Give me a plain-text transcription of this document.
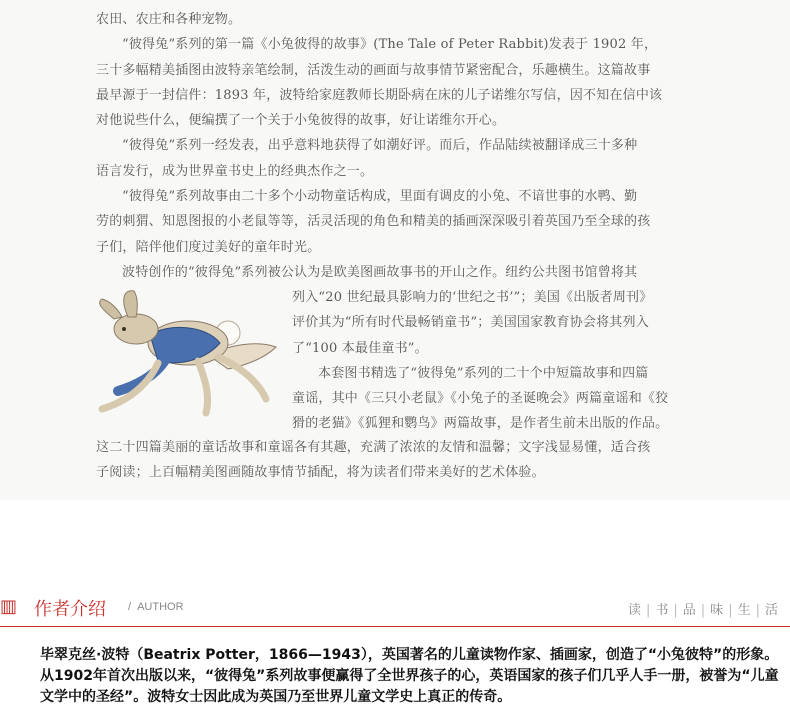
农田、农庄和各种宠物。

“彼得兔”系列的第一篇《小兔彼得的故事》(The Tale of Peter Rabbit)发表于 1902 年，

三十多幅精美插图由波特亲笔绘制，活泼生动的画面与故事情节紧密配合，乐趣横生。这篇故事

最早源于一封信件：1893 年，波特给家庭教师长期卧病在床的儿子诺维尔写信，因不知在信中该

对他说些什么，便编撰了一个关于小兔彼得的故事，好让诺维尔开心。

“彼得兔”系列一经发表，出乎意料地获得了如潮好评。而后，作品陆续被翻译成三十多种

语言发行，成为世界童书史上的经典杰作之一。

“彼得兔”系列故事由二十多个小动物童话构成，里面有调皮的小兔、不谙世事的水鸭、勤

劳的刺猬、知恩图报的小老鼠等等，活灵活现的角色和精美的插画深深吸引着英国乃至全球的孩

子们，陪伴他们度过美好的童年时光。

波特创作的“彼得兔”系列被公认为是欧美图画故事书的开山之作。纽约公共图书馆曾将其

列入“20 世纪最具影响力的‘世纪之书’”；美国《出版者周刊》

评价其为“所有时代最畅销童书”；美国国家教育协会将其列入

了“100 本最佳童书”。

本套图书精选了“彼得兔”系列的二十个中短篇故事和四篇

童谣，其中《三只小老鼠》《小兔子的圣诞晚会》两篇童谣和《狡

猾的老猫》《狐狸和鹦鸟》两篇故事，是作者生前未出版的作品。

这二十四篇美丽的童话故事和童谣各有其趣，充满了浓浓的友情和温馨；文字浅显易懂，适合孩

子阅读；上百幅精美图画随故事情节插配，将为读者们带来美好的艺术体验。

▥ 作者介绍 / AUTHOR	读 | 书 | 品 | 味 | 生 | 活
毕翠克丝·波特（Beatrix Potter，1866—1943），英国著名的儿童读物作家、插画家，创造了“小兔彼特”的形象。从1902年首次出版以来，“彼得兔”系列故事便赢得了全世界孩子的心，英语国家的孩子们几乎人手一册，被誉为“儿童文学中的圣经”。波特女士因此成为英国乃至世界儿童文学史上真正的传奇。
